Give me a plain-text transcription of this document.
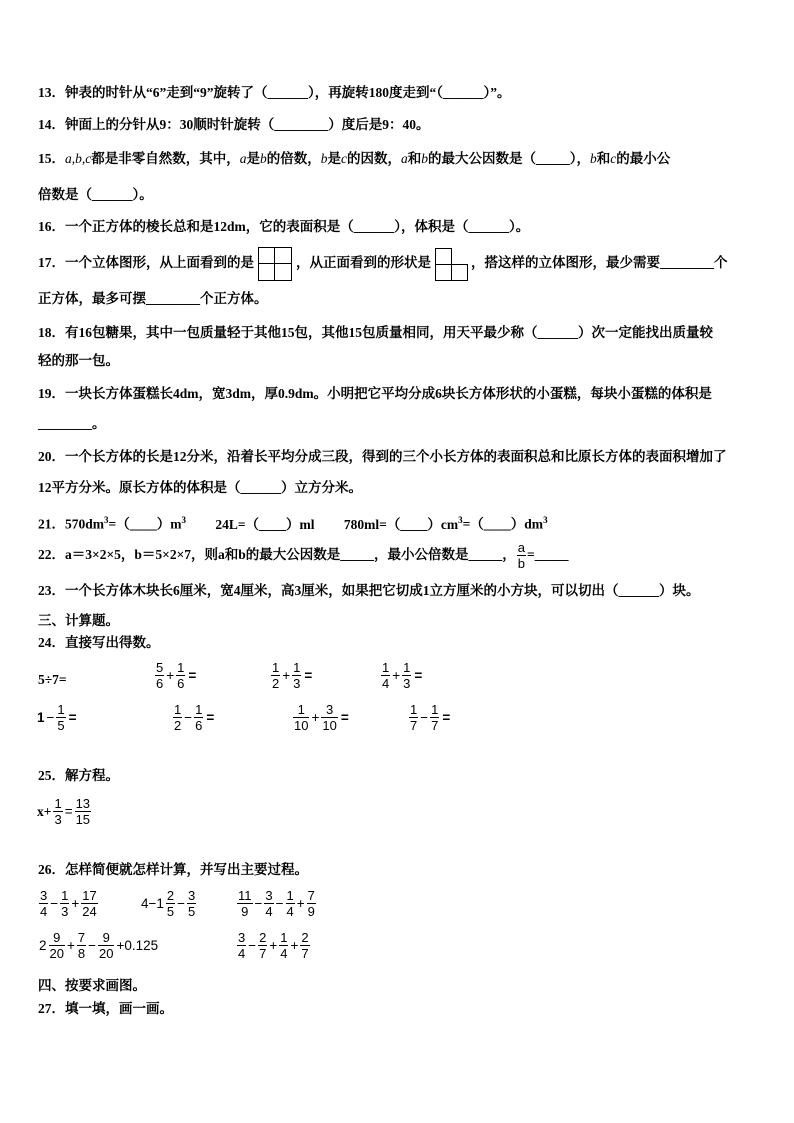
13．钟表的时针从“6”走到“9”旋转了（______），再旋转180度走到“（______）”。
14．钟面上的分针从9：30顺时针旋转（________）度后是9：40。
15．a,b,c都是非零自然数，其中，a是b的倍数，b是c的因数，a和b的最大公因数是（_____），b和c的最小公
倍数是（______）。
16．一个正方体的棱长总和是12dm，它的表面积是（______），体积是（______）。
17．一个立体图形，从上面看到的是	，从正面看到的形状是	，搭这样的立体图形，最少需要________个
正方体，最多可摆________个正方体。
18．有16包糖果，其中一包质量轻于其他15包，其他15包质量相同，用天平最少称（______）次一定能找出质量较
轻的那一包。
19．一块长方体蛋糕长4dm，宽3dm，厚0.9dm。小明把它平均分成6块长方体形状的小蛋糕，每块小蛋糕的体积是
________。
20．一个长方体的长是12分米，沿着长平均分成三段，得到的三个小长方体的表面积总和比原长方体的表面积增加了
12平方分米。原长方体的体积是（______）立方分米。
21．$570dm^3=(\_\_\_\_)m^3$ 24L=（____）ml $780ml=(\_\_\_\_)cm^3=(\_\_\_\_)dm^3$
22．a＝3×2×5，b＝5×2×7，则a和b的最大公因数是_____，最小公倍数是_____， $\frac{a}{b}$ =_____
23．一个长方体木块长6厘米，宽4厘米，高3厘米，如果把它切成1立方厘米的小方块，可以切出（______）块。
三、计算题。
24．直接写出得数。
5÷7=	$\frac{5}{6} + \frac{1}{6}$ =	$\frac{1}{2} + \frac{1}{3}$ =	$\frac{1}{4} + \frac{1}{3}$ =
$1 - \frac{1}{5}$ =	$\frac{1}{2} - \frac{1}{6}$ =	$\frac{1}{10} + \frac{3}{10}$ =	$\frac{1}{7} - \frac{1}{7}$ =
25．解方程。
$x+ \frac{1}{3} = \frac{13}{15}$
26．怎样简便就怎样计算，并写出主要过程。
$\frac{3}{4} - \frac{1}{3} + \frac{17}{24}$	$4-1 \frac{2}{5} - \frac{3}{5}$	$\frac{11}{9} - \frac{3}{4} - \frac{1}{4} + \frac{7}{9}$
$2 \frac{9}{20} + \frac{7}{8} - \frac{9}{20} +0.125$	$\frac{3}{4} - \frac{2}{7} + \frac{1}{4} + \frac{2}{7}$
四、按要求画图。
27．填一填，画一画。
